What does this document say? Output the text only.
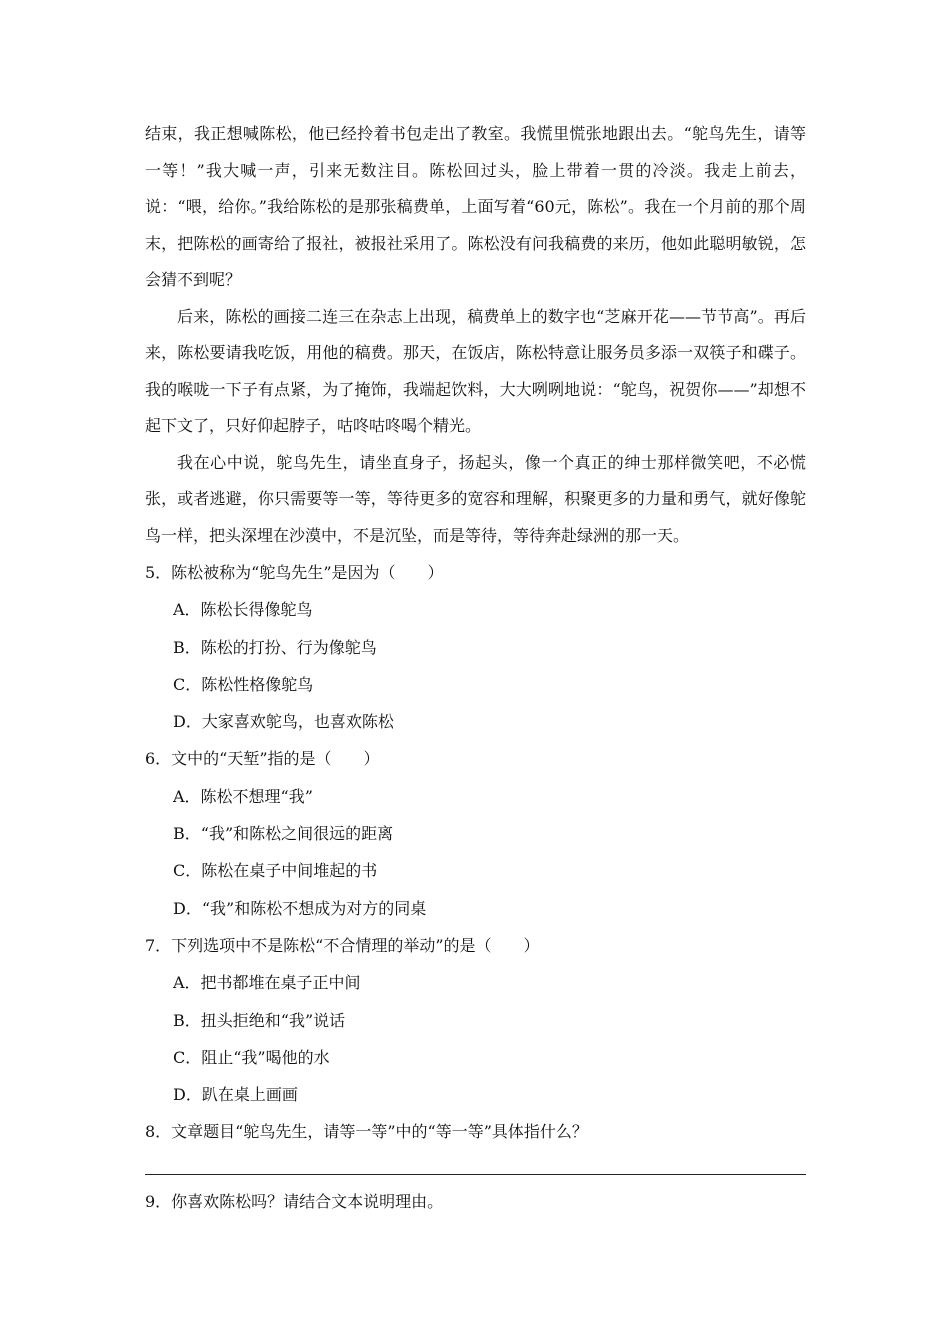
结束，我正想喊陈松，他已经拎着书包走出了教室。我慌里慌张地跟出去。“鸵鸟先生，请等一等！”我大喊一声，引来无数注目。陈松回过头，脸上带着一贯的冷淡。我走上前去，说：“喂，给你。”我给陈松的是那张稿费单，上面写着“60元，陈松”。我在一个月前的那个周末，把陈松的画寄给了报社，被报社采用了。陈松没有问我稿费的来历，他如此聪明敏锐，怎会猜不到呢？

后来，陈松的画接二连三在杂志上出现，稿费单上的数字也“芝麻开花——节节高”。再后来，陈松要请我吃饭，用他的稿费。那天，在饭店，陈松特意让服务员多添一双筷子和碟子。我的喉咙一下子有点紧，为了掩饰，我端起饮料，大大咧咧地说：“鸵鸟，祝贺你——”却想不起下文了，只好仰起脖子，咕咚咕咚喝个精光。

我在心中说，鸵鸟先生，请坐直身子，扬起头，像一个真正的绅士那样微笑吧，不必慌张，或者逃避，你只需要等一等，等待更多的宽容和理解，积聚更多的力量和勇气，就好像鸵鸟一样，把头深埋在沙漠中，不是沉坠，而是等待，等待奔赴绿洲的那一天。

5．陈松被称为“鸵鸟先生”是因为（　　）
A．陈松长得像鸵鸟
B．陈松的打扮、行为像鸵鸟
C．陈松性格像鸵鸟
D．大家喜欢鸵鸟，也喜欢陈松
6．文中的“天堑”指的是（　　）
A．陈松不想理“我”
B．“我”和陈松之间很远的距离
C．陈松在桌子中间堆起的书
D．“我”和陈松不想成为对方的同桌
7．下列选项中不是陈松“不合情理的举动”的是（　　）
A．把书都堆在桌子正中间
B．扭头拒绝和“我”说话
C．阻止“我”喝他的水
D．趴在桌上画画
8．文章题目“鸵鸟先生，请等一等”中的“等一等”具体指什么？
9．你喜欢陈松吗？请结合文本说明理由。
